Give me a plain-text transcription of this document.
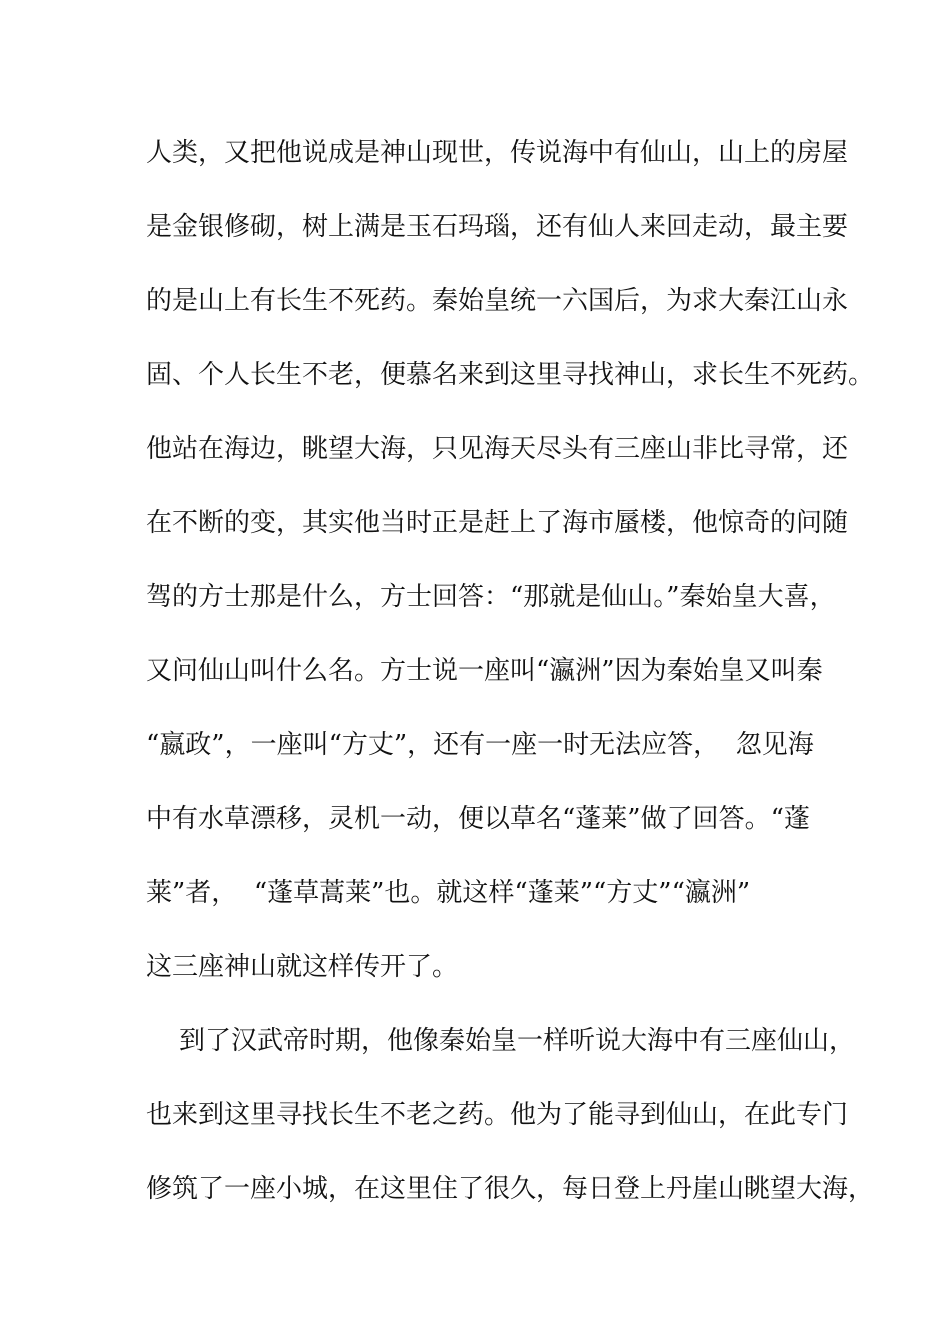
人类，又把他说成是神山现世，传说海中有仙山，山上的房屋
是金银修砌，树上满是玉石玛瑙，还有仙人来回走动，最主要
的是山上有长生不死药。秦始皇统一六国后，为求大秦江山永
固、个人长生不老，便慕名来到这里寻找神山，求长生不死药。
他站在海边，眺望大海，只见海天尽头有三座山非比寻常，还
在不断的变，其实他当时正是赶上了海市蜃楼，他惊奇的问随
驾的方士那是什么，方士回答：“那就是仙山。”秦始皇大喜，
又问仙山叫什么名。方士说一座叫“瀛洲”因为秦始皇又叫秦
“嬴政”，一座叫“方丈”，还有一座一时无法应答，  忽见海
中有水草漂移，灵机一动，便以草名“蓬莱”做了回答。“蓬
莱”者，  “蓬草蒿莱”也。就这样“蓬莱”“方丈”“瀛洲”
这三座神山就这样传开了。
到了汉武帝时期，他像秦始皇一样听说大海中有三座仙山，
也来到这里寻找长生不老之药。他为了能寻到仙山，在此专门
修筑了一座小城，在这里住了很久，每日登上丹崖山眺望大海，
